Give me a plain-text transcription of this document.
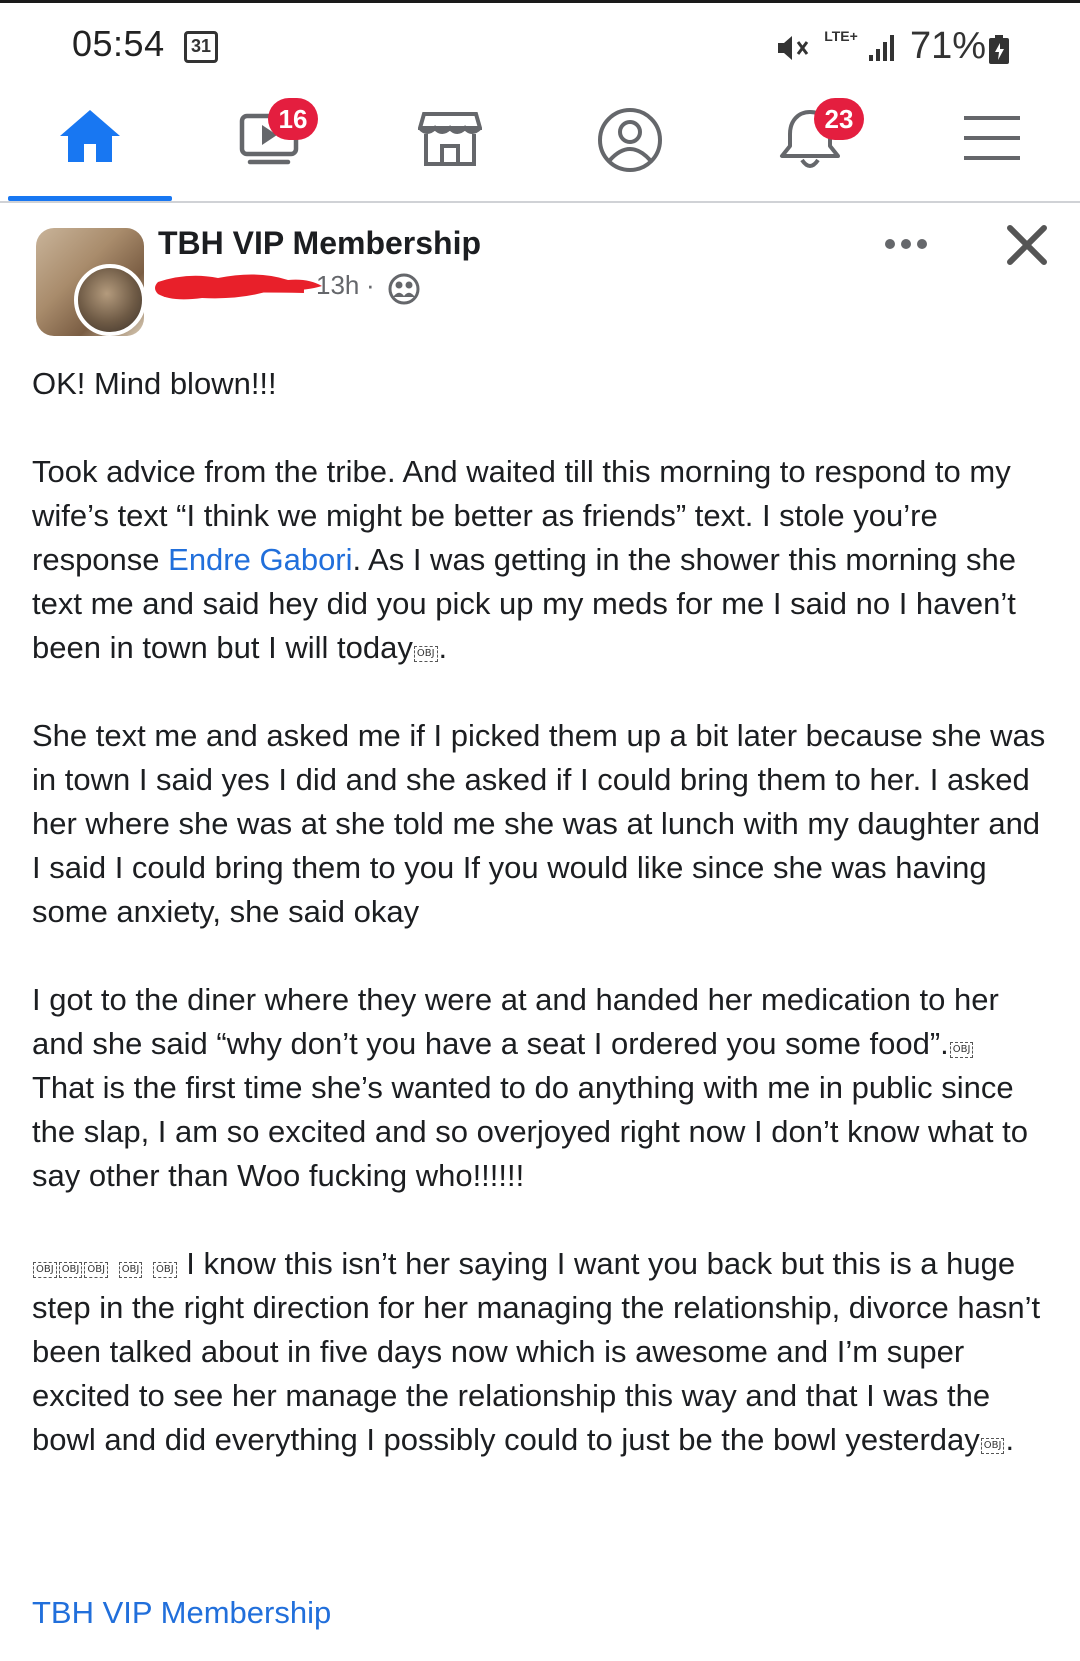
05:54 31	LTE+ 71%
16	23
TBH VIP Membership
13h ·

OK! Mind blown!!!

Took advice from the tribe. And waited till this morning to respond to my wife’s text “I think we might be better as friends” text. I stole you’re response Endre Gabori. As I was getting in the shower this morning she text me and said hey did you pick up my meds for me I said no I haven’t been in town but I will today OBJ .

She text me and asked me if I picked them up a bit later because she was in town I said yes I did and she asked if I could bring them to her. I asked her where she was at she told me she was at lunch with my daughter and I said I could bring them to you If you would like since she was having some anxiety, she said okay

I got to the diner where they were at and handed her medication to her and she said “why don’t you have a seat I ordered you some food”. OBJ

That is the first time she’s wanted to do anything with me in public since the slap, I am so excited and so overjoyed right now I don’t know what to say other than Woo fucking who!!!!!!

OBJ OBJ OBJ OBJ OBJ I know this isn’t her saying I want you back but this is a huge step in the right direction for her managing the relationship, divorce hasn’t been talked about in five days now which is awesome and I’m super excited to see her manage the relationship this way and that I was the bowl and did everything I possibly could to just be the bowl yesterday OBJ .

TBH VIP Membership
